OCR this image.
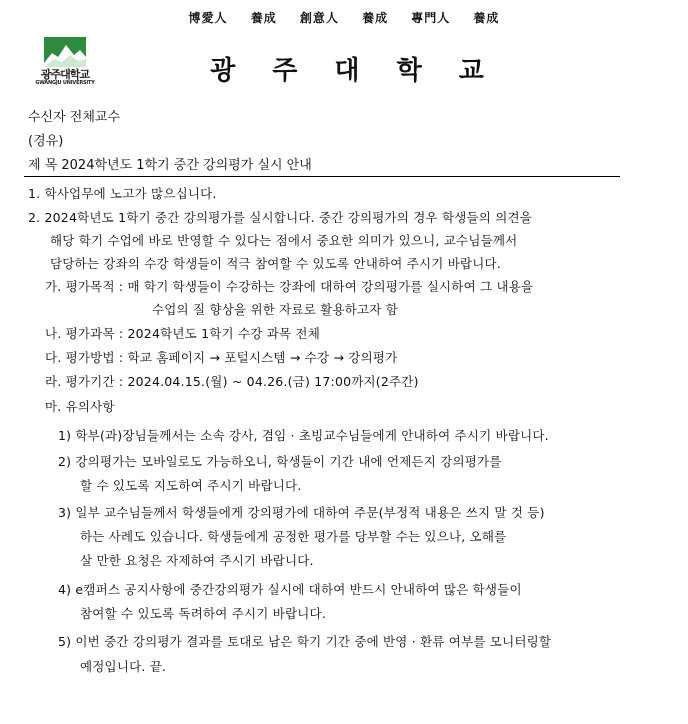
博愛人 養成 創意人 養成 專門人 養成
광주대학교
GWANGJU UNIVERSITY	광 주 대 학 교
수신자 전체교수
(경유)
제 목 2024학년도 1학기 중간 강의평가 실시 안내
1. 학사업무에 노고가 많으십니다.
2. 2024학년도 1학기 중간 강의평가를 실시합니다. 중간 강의평가의 경우 학생들의 의견을
해당 학기 수업에 바로 반영할 수 있다는 점에서 중요한 의미가 있으니, 교수님들께서
담당하는 강좌의 수강 학생들이 적극 참여할 수 있도록 안내하여 주시기 바랍니다.
가. 평가목적 : 매 학기 학생들이 수강하는 강좌에 대하여 강의평가를 실시하여 그 내용을
수업의 질 향상을 위한 자료로 활용하고자 함
나. 평가과목 : 2024학년도 1학기 수강 과목 전체
다. 평가방법 : 학교 홈페이지 → 포털시스템 → 수강 → 강의평가
라. 평가기간 : 2024.04.15.(월) ~ 04.26.(금) 17:00까지(2주간)
마. 유의사항
1) 학부(과)장님들께서는 소속 강사, 겸임 · 초빙교수님들에게 안내하여 주시기 바랍니다.
2) 강의평가는 모바일로도 가능하오니, 학생들이 기간 내에 언제든지 강의평가를
할 수 있도록 지도하여 주시기 바랍니다.
3) 일부 교수님들께서 학생들에게 강의평가에 대하여 주문(부정적 내용은 쓰지 말 것 등)
하는 사례도 있습니다. 학생들에게 공정한 평가를 당부할 수는 있으나, 오해를
살 만한 요청은 자제하여 주시기 바랍니다.
4) e캠퍼스 공지사항에 중간강의평가 실시에 대하여 반드시 안내하여 많은 학생들이
참여할 수 있도록 독려하여 주시기 바랍니다.
5) 이번 중간 강의평가 결과를 토대로 남은 학기 기간 중에 반영 · 환류 여부를 모니터링할
예정입니다. 끝.
